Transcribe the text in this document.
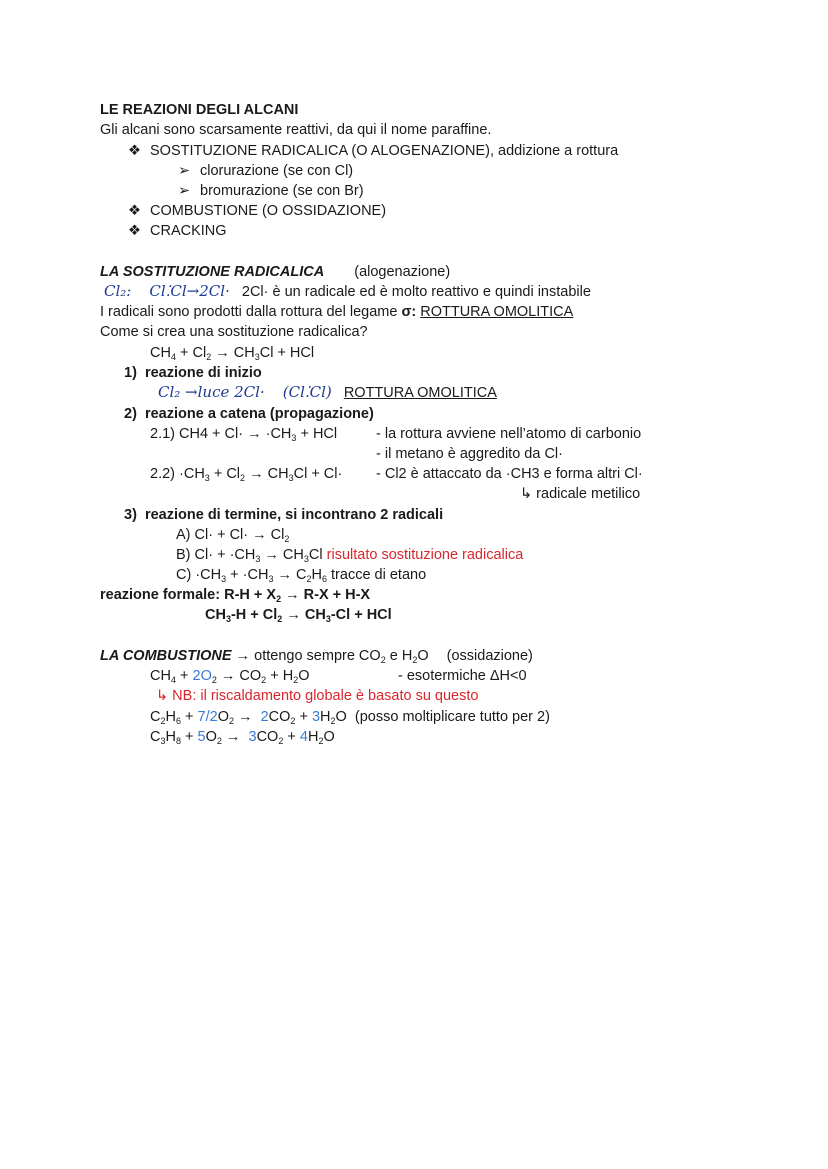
LE REAZIONI DEGLI ALCANI
Gli alcani sono scarsamente reattivi, da qui il nome paraffine.
❖ SOSTITUZIONE RADICALICA (O ALOGENAZIONE), addizione a rottura
➢ clorurazione (se con Cl)
➢ bromurazione (se con Br)
❖ COMBUSTIONE (O OSSIDAZIONE)
❖ CRACKING
LA SOSTITUZIONE RADICALICA (alogenazione)
Cl₂: Cl⁚Cl→2Cl· 2Cl· è un radicale ed è molto reattivo e quindi instabile
I radicali sono prodotti dalla rottura del legame σ: ROTTURA OMOLITICA
Come si crea una sostituzione radicalica?
$CH_4 + Cl_2 \to CH_3Cl$ + HCl
1) reazione di inizio
Cl₂ →luce 2Cl· (Cl⁚Cl) ROTTURA OMOLITICA
2) reazione a catena (propagazione)
2.1) $CH4 + Cl\cdot \to \cdot CH_3$ + HCl	- la rottura avviene nell’atomo di carbonio
- il metano è aggredito da Cl·
$2.2) \cdot CH_3 + Cl_2 \to CH_3Cl + Cl\cdot - Cl2$ è attaccato da ·CH3 e forma altri Cl·
↳ radicale metilico
3) reazione di termine, si incontrano 2 radicali
A) $Cl\cdot + Cl\cdot \to Cl_2$
B) $Cl\cdot + \cdot CH_3 \to CH_3Cl$ risultato sostituzione radicalica
$C) \cdot CH_3 + \cdot CH_3 \to C_2H_6$ tracce di etano
reazione formale: $R-H + X_2 \to R-X + H-X$
$CH_3-H + Cl_2 \to CH_3-Cl$ + HCl
LA COMBUSTIONE → ottengo sempre $CO_2$ e $H_2O$ (ossidazione)
$CH_4 + 2O_2 \to CO_2 + H_2O$	- esotermiche ΔH<0
↳ NB: il riscaldamento globale è basato su questo
$C_2H_6 + 7/2O_2 \to 2CO_2 + 3H_2O$  (posso moltiplicare tutto per 2)
$C_3H_8 + 5O_2 \to 3CO_2 + 4H_2O$
